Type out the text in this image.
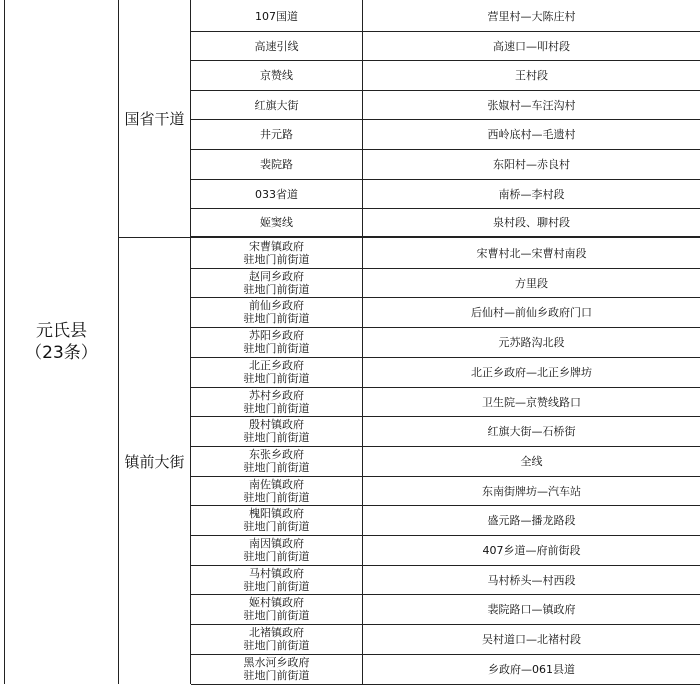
元氏县
（23条）
国省干道
镇前大街
107国道	营里村—大陈庄村
高速引线	高速口—叩村段
京赞线	王村段
红旗大街	张婌村—车汪沟村
井元路	西岭底村—毛遗村
裴院路	东阳村—赤良村
033省道	南桥—李村段
姬窦线	泉村段、聊村段
宋曹镇政府
驻地门前街道	宋曹村北—宋曹村南段
赵同乡政府
驻地门前街道	方里段
前仙乡政府
驻地门前街道	后仙村—前仙乡政府门口
苏阳乡政府
驻地门前街道	元苏路沟北段
北正乡政府
驻地门前街道	北正乡政府—北正乡牌坊
苏村乡政府
驻地门前街道	卫生院—京赞线路口
殷村镇政府
驻地门前街道	红旗大街—石桥街
东张乡政府
驻地门前街道	全线
南佐镇政府
驻地门前街道	东南街牌坊—汽车站
槐阳镇政府
驻地门前街道	盛元路—播龙路段
南因镇政府
驻地门前街道	407乡道—府前街段
马村镇政府
驻地门前街道	马村桥头—村西段
姬村镇政府
驻地门前街道	裴院路口—镇政府
北褚镇政府
驻地门前街道	吴村道口—北褚村段
黑水河乡政府
驻地门前街道	乡政府—061县道
